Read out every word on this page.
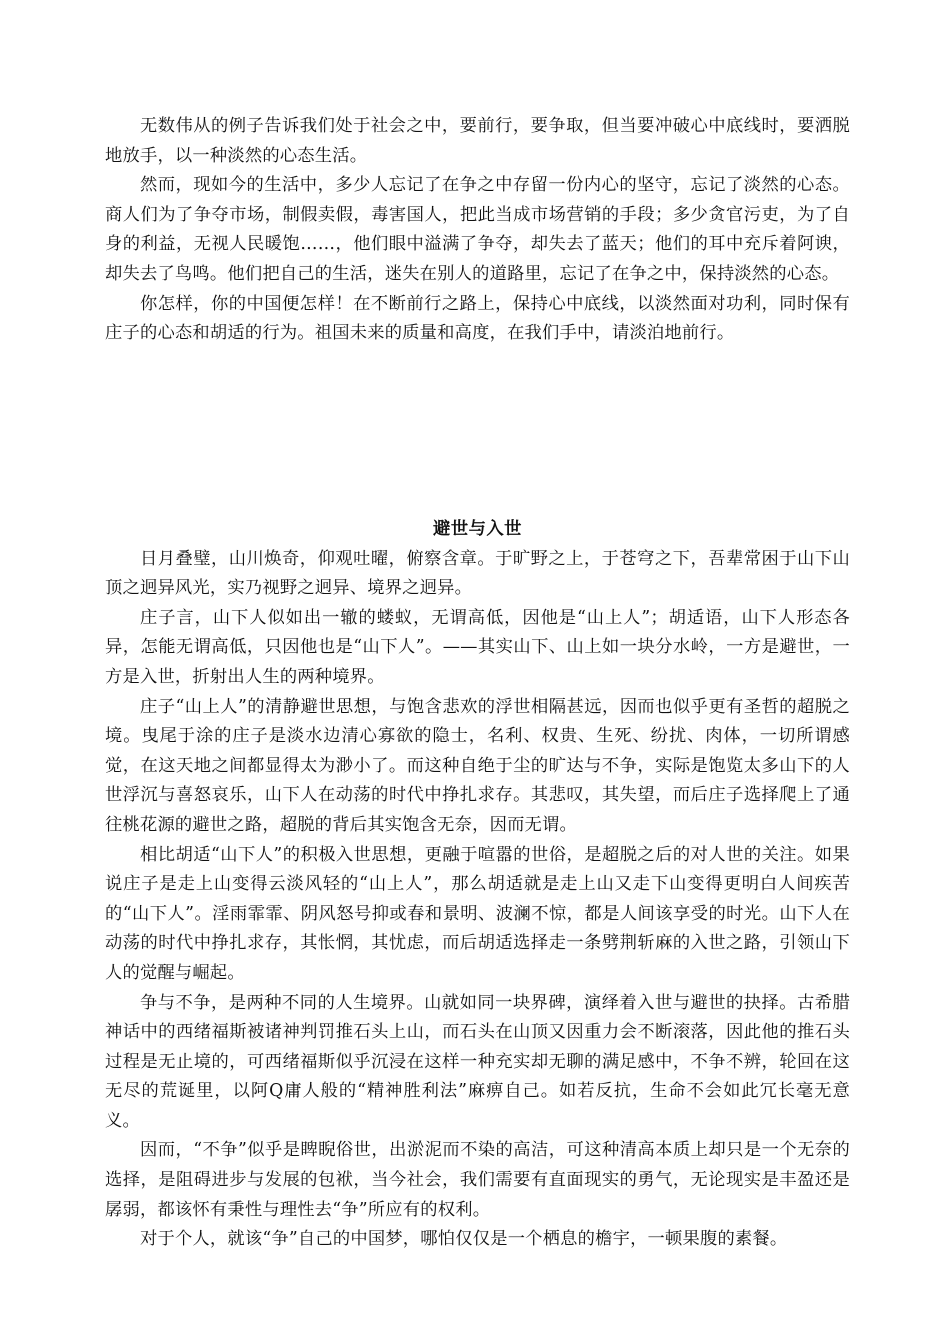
无数伟从的例子告诉我们处于社会之中，要前行，要争取，但当要冲破心中底线时，要洒脱地放手，以一种淡然的心态生活。

然而，现如今的生活中，多少人忘记了在争之中存留一份内心的坚守，忘记了淡然的心态。商人们为了争夺市场，制假卖假，毒害国人，把此当成市场营销的手段；多少贪官污吏，为了自身的利益，无视人民暖饱……，他们眼中溢满了争夺，却失去了蓝天；他们的耳中充斥着阿谀，却失去了鸟鸣。他们把自己的生活，迷失在别人的道路里，忘记了在争之中，保持淡然的心态。

你怎样，你的中国便怎样！在不断前行之路上，保持心中底线，以淡然面对功利，同时保有庄子的心态和胡适的行为。祖国未来的质量和高度，在我们手中，请淡泊地前行。

避世与入世

日月叠璧，山川焕奇，仰观吐曜，俯察含章。于旷野之上，于苍穹之下，吾辈常困于山下山顶之迥异风光，实乃视野之迥异、境界之迥异。

庄子言，山下人似如出一辙的蝼蚁，无谓高低，因他是“山上人”；胡适语，山下人形态各异，怎能无谓高低，只因他也是“山下人”。——其实山下、山上如一块分水岭，一方是避世，一方是入世，折射出人生的两种境界。

庄子“山上人”的清静避世思想，与饱含悲欢的浮世相隔甚远，因而也似乎更有圣哲的超脱之境。曳尾于涂的庄子是淡水边清心寡欲的隐士，名利、权贵、生死、纷扰、肉体，一切所谓感觉，在这天地之间都显得太为渺小了。而这种自绝于尘的旷达与不争，实际是饱览太多山下的人世浮沉与喜怒哀乐，山下人在动荡的时代中挣扎求存。其悲叹，其失望，而后庄子选择爬上了通往桃花源的避世之路，超脱的背后其实饱含无奈，因而无谓。

相比胡适“山下人”的积极入世思想，更融于喧嚣的世俗，是超脱之后的对人世的关注。如果说庄子是走上山变得云淡风轻的“山上人”，那么胡适就是走上山又走下山变得更明白人间疾苦的“山下人”。淫雨霏霏、阴风怒号抑或春和景明、波澜不惊，都是人间该享受的时光。山下人在动荡的时代中挣扎求存，其怅惘，其忧虑，而后胡适选择走一条劈荆斩麻的入世之路，引领山下人的觉醒与崛起。

争与不争，是两种不同的人生境界。山就如同一块界碑，演绎着入世与避世的抉择。古希腊神话中的西绪福斯被诸神判罚推石头上山，而石头在山顶又因重力会不断滚落，因此他的推石头过程是无止境的，可西绪福斯似乎沉浸在这样一种充实却无聊的满足感中，不争不辨，轮回在这无尽的荒诞里，以阿Q庸人般的“精神胜利法”麻痹自己。如若反抗，生命不会如此冗长毫无意义。

因而，“不争”似乎是睥睨俗世，出淤泥而不染的高洁，可这种清高本质上却只是一个无奈的选择，是阻碍进步与发展的包袱，当今社会，我们需要有直面现实的勇气，无论现实是丰盈还是孱弱，都该怀有秉性与理性去“争”所应有的权利。

对于个人，就该“争”自己的中国梦，哪怕仅仅是一个栖息的檐宇，一顿果腹的素餐。
